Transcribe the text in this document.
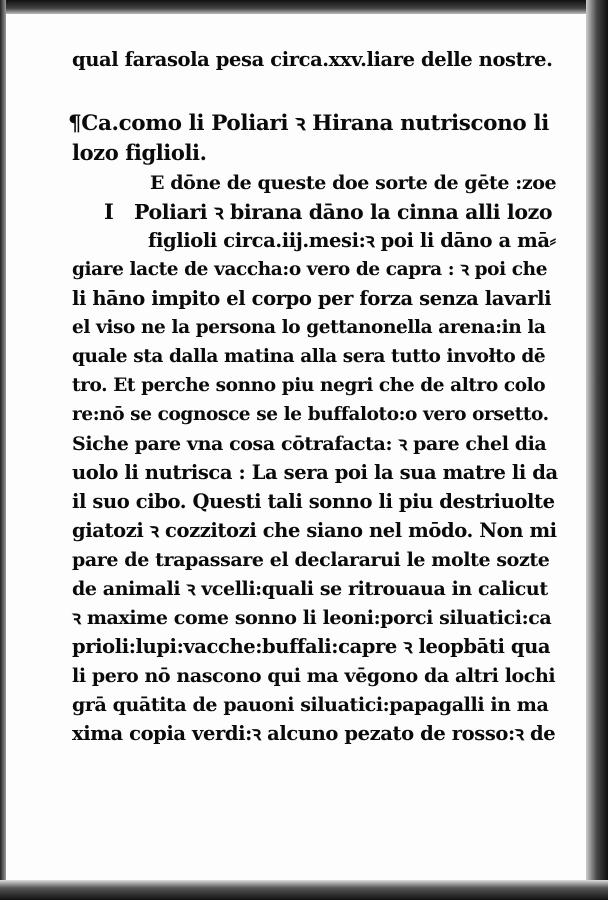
qual farasola pesa circa.xxv.liare delle nostre.
¶Ca.como li Poliari ꝛ Hirana nutriscono li
lozo figlioli.
E dōne de queste doe sorte de gēte :zoe
I Poliari ꝛ birana dāno la cinna alli lozo
figlioli circa.iij.mesi:ꝛ poi li dāno a mā⸗
giare lacte de vaccha:o vero de capra : ꝛ poi che
li hāno impito el corpo per forza senza lavarli
el viso ne la persona lo gettanonella arena:in la
quale sta dalla matina alla sera tutto invołto dē
tro. Et perche sonno piu negri che de altro colo
re:nō se cognosce se le buffaloto:o vero orsetto.
Siche pare vna cosa cōtrafacta: ꝛ pare chel dia
uolo li nutrisca : La sera poi la sua matre li da
il suo cibo. Questi tali sonno li piu destriuolte
giatozi ꝛ cozzitozi che siano nel mōdo. Non mi
pare de trapassare el declararui le molte sozte
de animali ꝛ vcelli:quali se ritrouaua in calicut
ꝛ maxime come sonno li leoni:porci siluatici:ca
prioli:lupi:vacche:buffali:capre ꝛ leopbāti qua
li pero nō nascono qui ma vēgono da altri lochi
grā quātita de pauoni siluatici:papagalli in ma
xima copia verdi:ꝛ alcuno pezato de rosso:ꝛ de
